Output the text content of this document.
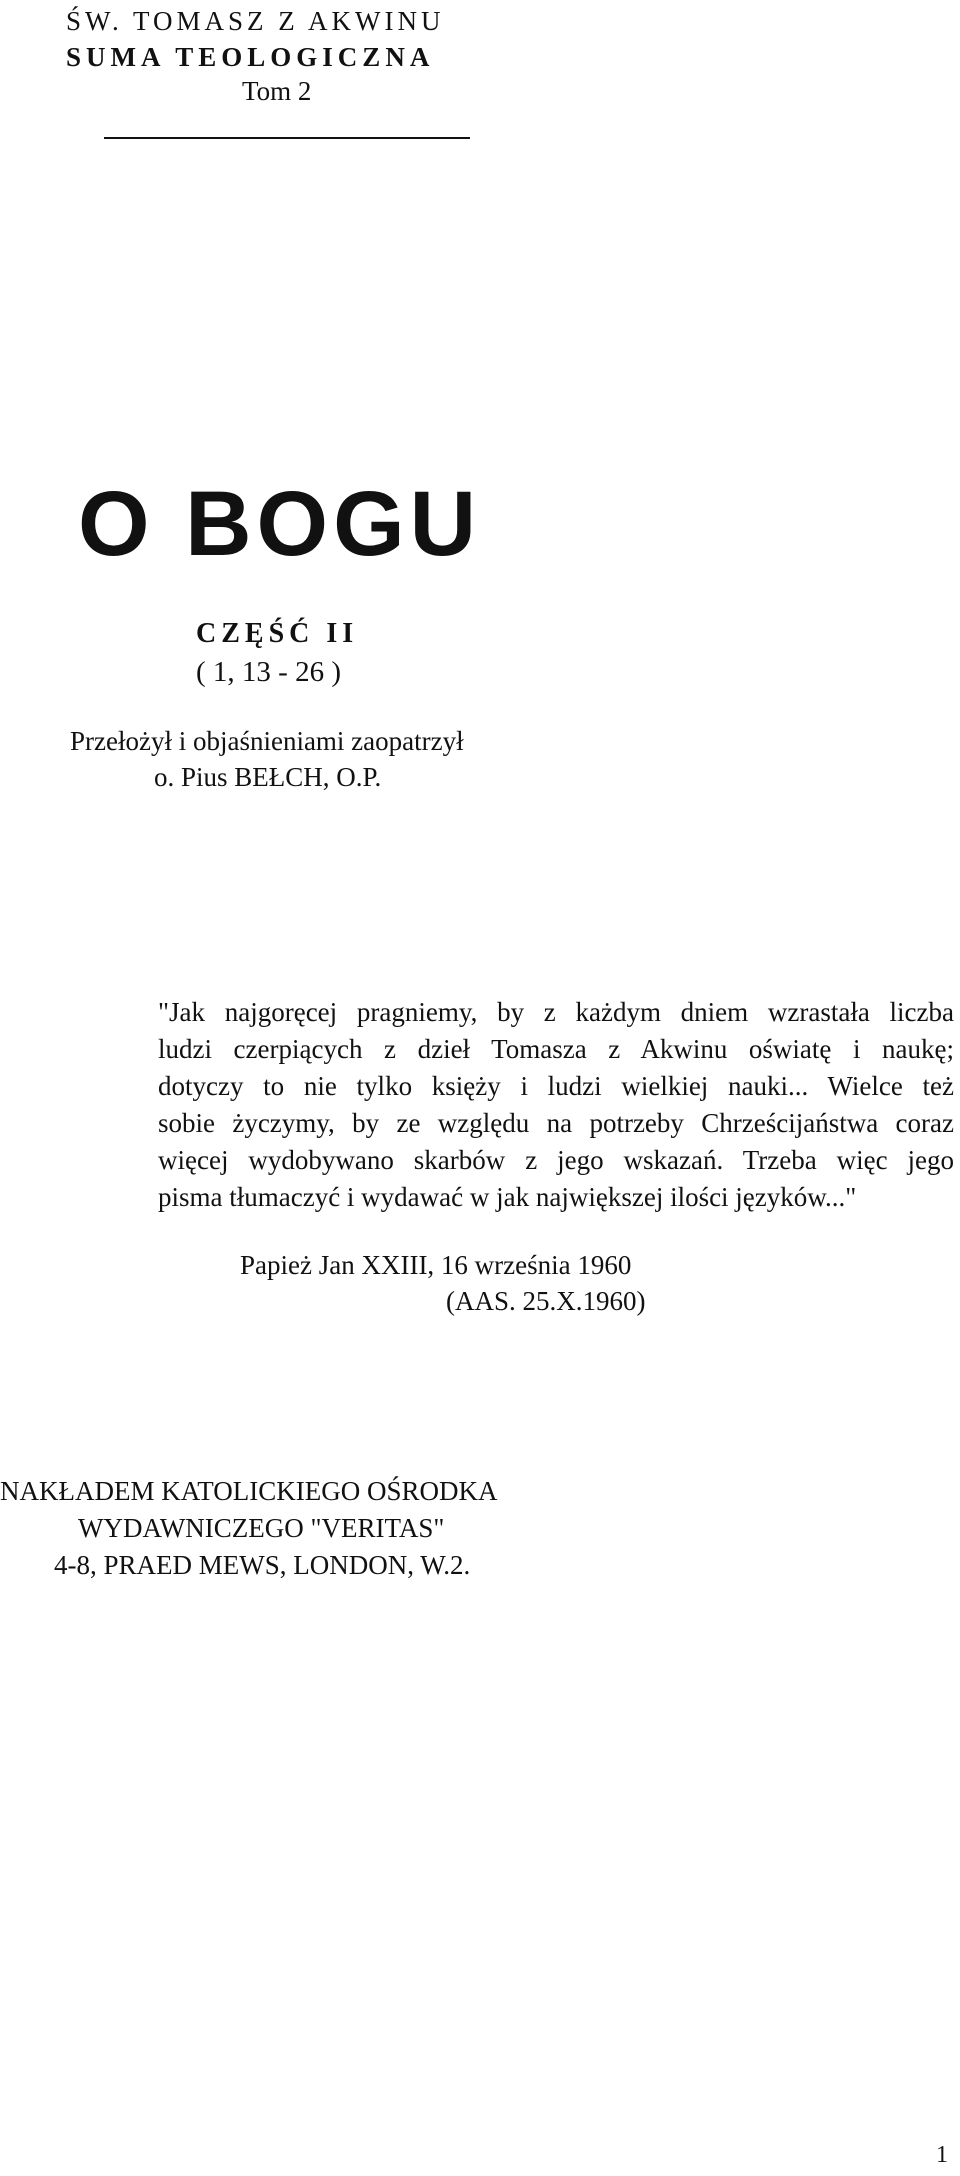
ŚW. TOMASZ Z AKWINU
SUMA TEOLOGICZNA
Tom 2
O BOGU
CZĘŚĆ II
( 1, 13 - 26 )
Przełożył i objaśnieniami zaopatrzył
o. Pius BEŁCH, O.P.
"Jak najgoręcej pragniemy, by z każdym dniem wzrastała liczba
ludzi czerpiących z dzieł Tomasza z Akwinu oświatę i naukę;
dotyczy to nie tylko księży i ludzi wielkiej nauki... Wielce też
sobie życzymy, by ze względu na potrzeby Chrześcijaństwa coraz
więcej wydobywano skarbów z jego wskazań. Trzeba więc jego
pisma tłumaczyć i wydawać w jak największej ilości języków..."
Papież Jan XXIII, 16 września 1960
(AAS. 25.X.1960)
NAKŁADEM KATOLICKIEGO OŚRODKA
WYDAWNICZEGO "VERITAS"
4-8, PRAED MEWS, LONDON, W.2.
1
